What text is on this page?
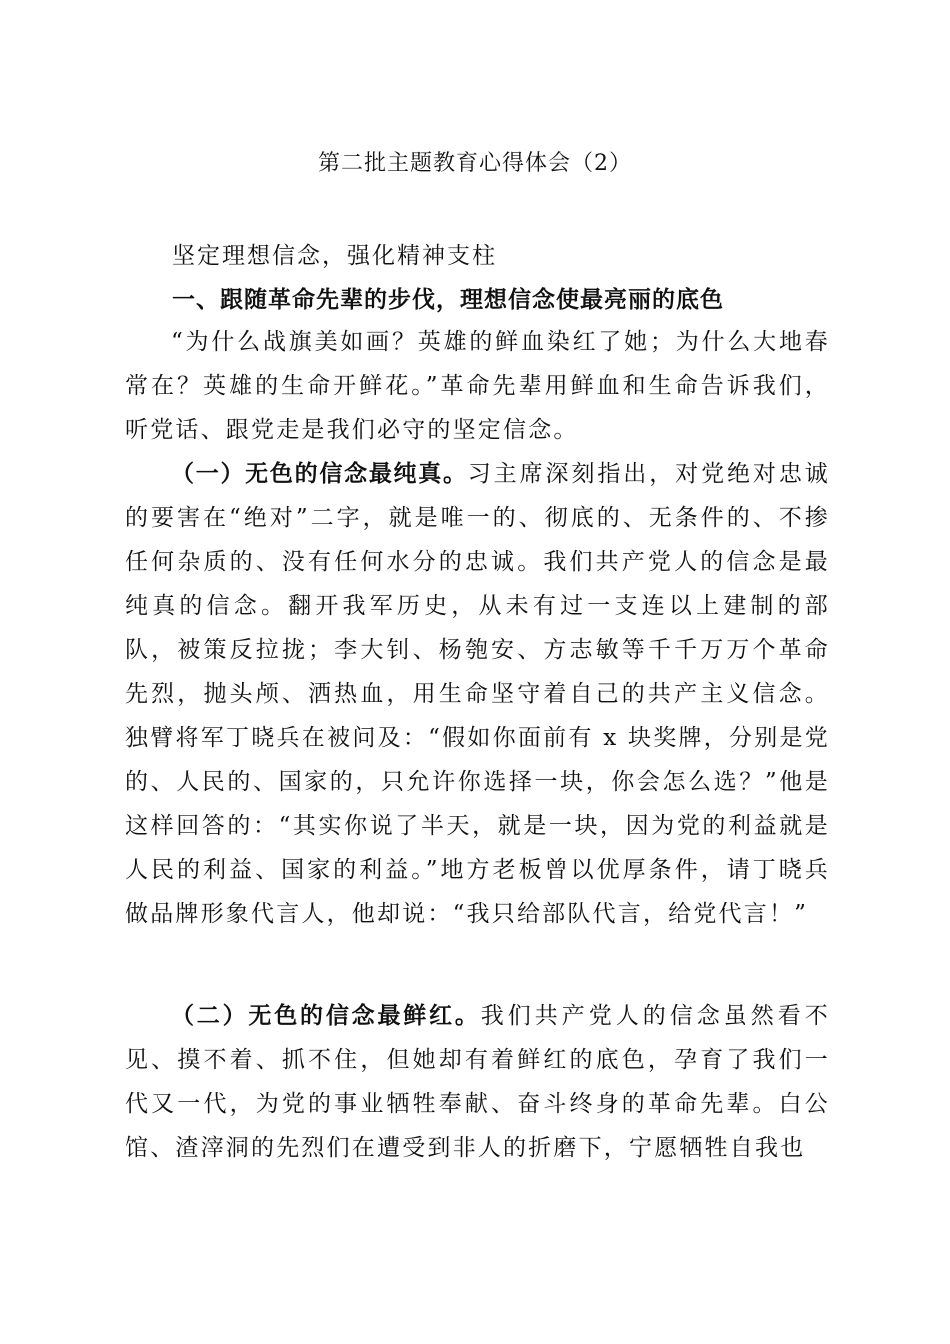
第二批主题教育心得体会（2）
坚定理想信念，强化精神支柱
一、跟随革命先辈的步伐，理想信念使最亮丽的底色

“为什么战旗美如画？英雄的鲜血染红了她；为什么大地春常在？英雄的生命开鲜花。”革命先辈用鲜血和生命告诉我们，听党话、跟党走是我们必守的坚定信念。

（一）无色的信念最纯真。习主席深刻指出，对党绝对忠诚的要害在“绝对”二字，就是唯一的、彻底的、无条件的、不掺任何杂质的、没有任何水分的忠诚。我们共产党人的信念是最纯真的信念。翻开我军历史，从未有过一支连以上建制的部队，被策反拉拢；李大钊、杨匏安、方志敏等千千万万个革命先烈，抛头颅、洒热血，用生命坚守着自己的共产主义信念。独臂将军丁晓兵在被问及：“假如你面前有 x 块奖牌，分别是党的、人民的、国家的，只允许你选择一块，你会怎么选？”他是这样回答的：“其实你说了半天，就是一块，因为党的利益就是人民的利益、国家的利益。”地方老板曾以优厚条件，请丁晓兵做品牌形象代言人，他却说：“我只给部队代言，给党代言！”

（二）无色的信念最鲜红。我们共产党人的信念虽然看不见、摸不着、抓不住，但她却有着鲜红的底色，孕育了我们一代又一代，为党的事业牺牲奉献、奋斗终身的革命先辈。白公馆、渣滓洞的先烈们在遭受到非人的折磨下，宁愿牺牲自我也
